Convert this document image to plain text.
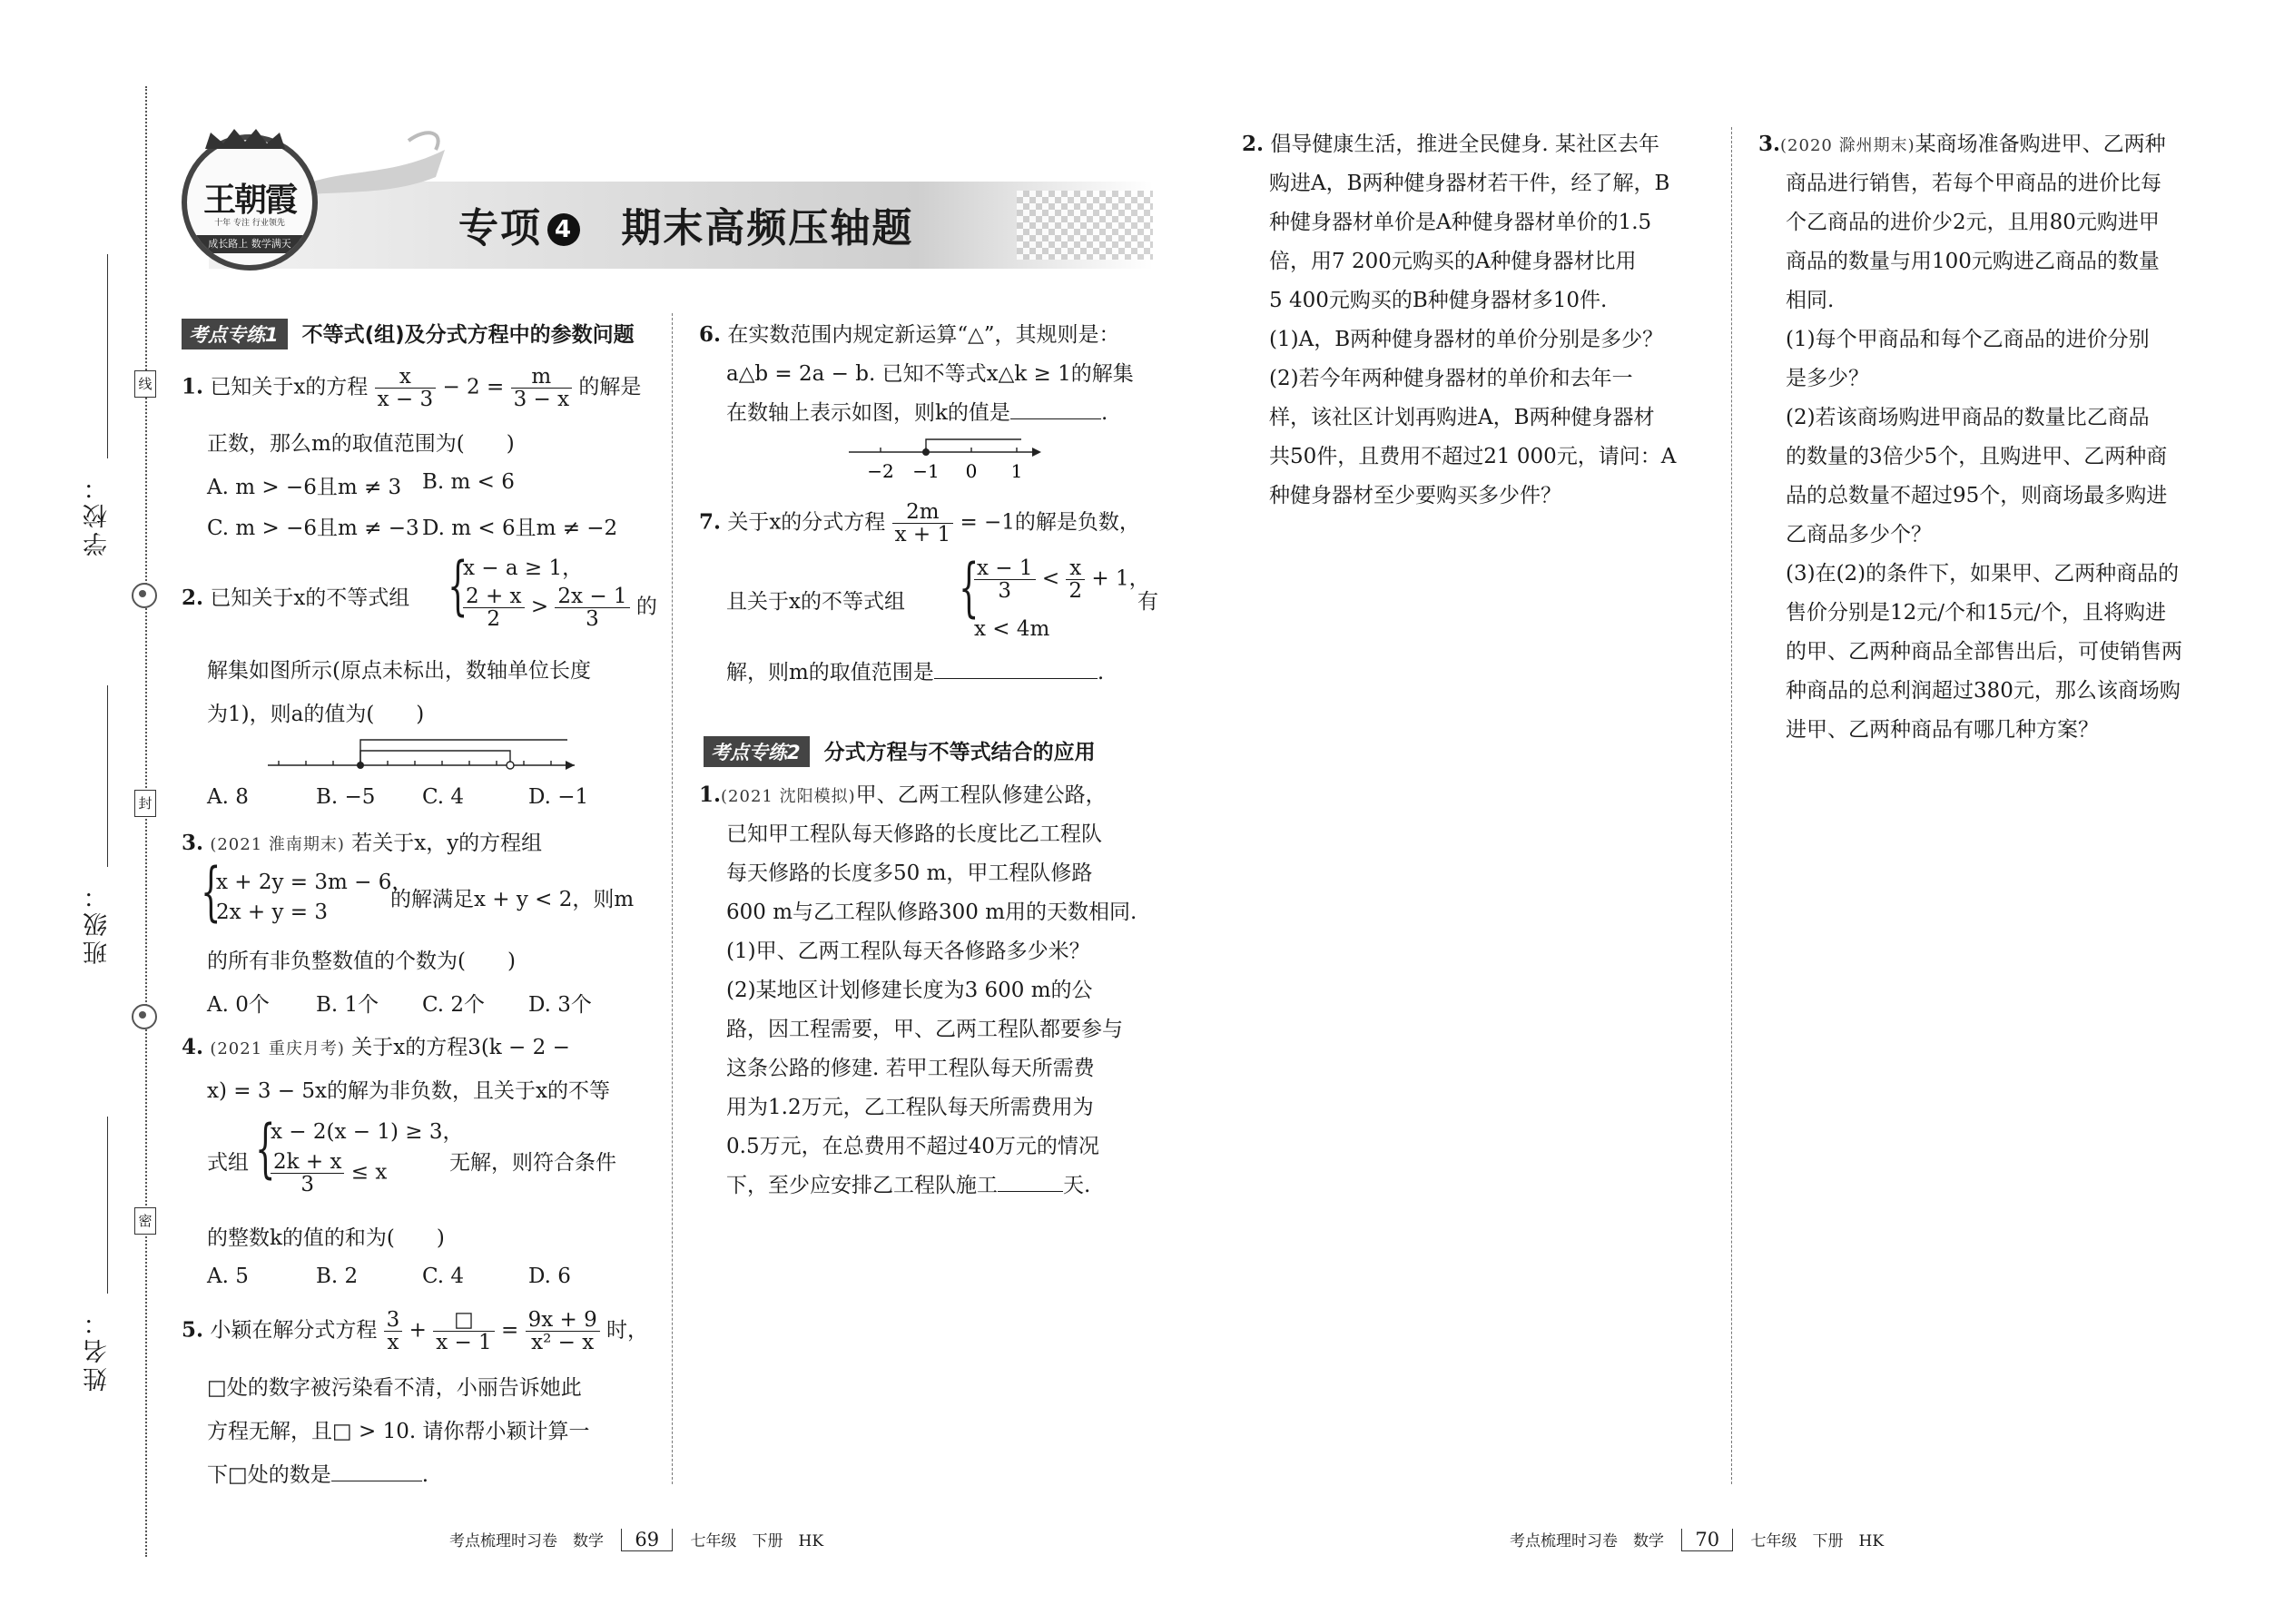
学校：
班级：
姓名：
线
封
密
王朝霞
十年 专注 行业领先
成长路上 数学满天	专项 4 期末高频压轴题
考点专练1 不等式(组)及分式方程中的参数问题
1. 已知关于x的方程 $\frac{x}{x - 3} - 2 = \frac{m}{3 - x}$ 的解是
正数，那么m的取值范围为(　　)
A. m > −6且m ≠ 3 B. m < 6
C. m > −6且m ≠ −3 D. m < 6且m ≠ −2
2. 已知关于x的不等式组 {
x − a ≥ 1，
$\frac{2 + x}{2} > \frac{2x - 1}{3}$ 的
解集如图所示(原点未标出，数轴单位长度
为1)，则a的值为(　　)
A. 8	B. −5 C. 4	D. −1
3. (2021 淮南期末) 若关于x，y的方程组
{
x + 2y = 3m − 6，
2x + y = 3
的解满足x + y < 2，则m
的所有非负整数值的个数为(　　)
A. 0个 B. 1个 C. 2个 D. 3个
4. (2021 重庆月考) 关于x的方程3(k − 2 −
x) = 3 − 5x的解为非负数，且关于x的不等
式组 {
x − 2(x − 1) ≥ 3，
$\frac{2k + x}{3} \le x$	无解，则符合条件
的整数k的值的和为(　　)
A. 5	B. 2	C. 4	D. 6
5. 小颖在解分式方程 $\frac{3}{x} + \frac{□}{x - 1} = \frac{9x + 9}{\text{x² − x}}$ 时，
□处的数字被污染看不清，小丽告诉她此
方程无解，且□ > 10. 请你帮小颖计算一
下□处的数是	.
6. 在实数范围内规定新运算“△”，其规则是：
a△b = 2a − b. 已知不等式x△k ≥ 1的解集
在数轴上表示如图，则k的值是	.
−2 −1 0 1
7. 关于x的分式方程 $\frac{2m}{x + 1} = -1$的解是负数，
且关于x的不等式组 {
$\frac{x - 1}{3} < \frac{x}{2} + 1$，
x < 4m
有
解，则m的取值范围是	.
考点专练2 分式方程与不等式结合的应用
1.(2021 沈阳模拟)甲、乙两工程队修建公路，
已知甲工程队每天修路的长度比乙工程队
每天修路的长度多50 m，甲工程队修路
600 m与乙工程队修路300 m用的天数相同.
(1)甲、乙两工程队每天各修路多少米？
(2)某地区计划修建长度为3 600 m的公
路，因工程需要，甲、乙两工程队都要参与
这条公路的修建. 若甲工程队每天所需费
用为1.2万元，乙工程队每天所需费用为
0.5万元，在总费用不超过40万元的情况
下，至少应安排乙工程队施工	天.
2. 倡导健康生活，推进全民健身. 某社区去年
购进A，B两种健身器材若干件，经了解，B
种健身器材单价是A种健身器材单价的1.5
倍，用7 200元购买的A种健身器材比用
5 400元购买的B种健身器材多10件.
(1)A，B两种健身器材的单价分别是多少？
(2)若今年两种健身器材的单价和去年一
样，该社区计划再购进A，B两种健身器材
共50件，且费用不超过21 000元，请问：A
种健身器材至少要购买多少件？
3.(2020 滁州期末)某商场准备购进甲、乙两种
商品进行销售，若每个甲商品的进价比每
个乙商品的进价少2元，且用80元购进甲
商品的数量与用100元购进乙商品的数量
相同.
(1)每个甲商品和每个乙商品的进价分别
是多少？
(2)若该商场购进甲商品的数量比乙商品
的数量的3倍少5个，且购进甲、乙两种商
品的总数量不超过95个，则商场最多购进
乙商品多少个？
(3)在(2)的条件下，如果甲、乙两种商品的
售价分别是12元/个和15元/个，且将购进
的甲、乙两种商品全部售出后，可使销售两
种商品的总利润超过380元，那么该商场购
进甲、乙两种商品有哪几种方案？
考点梳理时习卷　数学 69 七年级　下册　HK	考点梳理时习卷　数学 70 七年级　下册　HK
